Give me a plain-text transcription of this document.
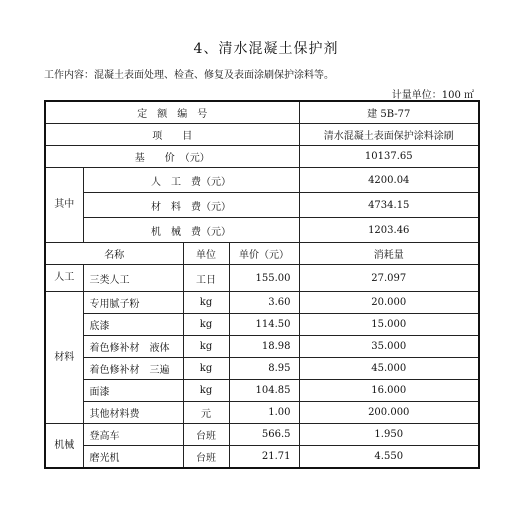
4、清水混凝土保护剂
工作内容：混凝土表面处理、检查、修复及表面涂刷保护涂料等。
计量单位：100 ㎡
定　额　编　号				建 5B-77
项　　目				清水混凝土表面保护涂料涂刷
基　　价　（元）				10137.65
其中	人　工　费（元）			4200.04
	材　料　费（元）			4734.15
	机　械　费（元）			1203.46
名称		单位	单价（元）	消耗量
人工	三类人工	工日	155.00	27.097
材料	专用腻子粉	kg	3.60	20.000
	底漆	kg	114.50	15.000
	着色修补材　液体	kg	18.98	35.000
	着色修补材　三遍	kg	8.95	45.000
	面漆	kg	104.85	16.000
	其他材料费	元	1.00	200.000
机械	登高车	台班	566.5	1.950
	磨光机	台班	21.71	4.550
